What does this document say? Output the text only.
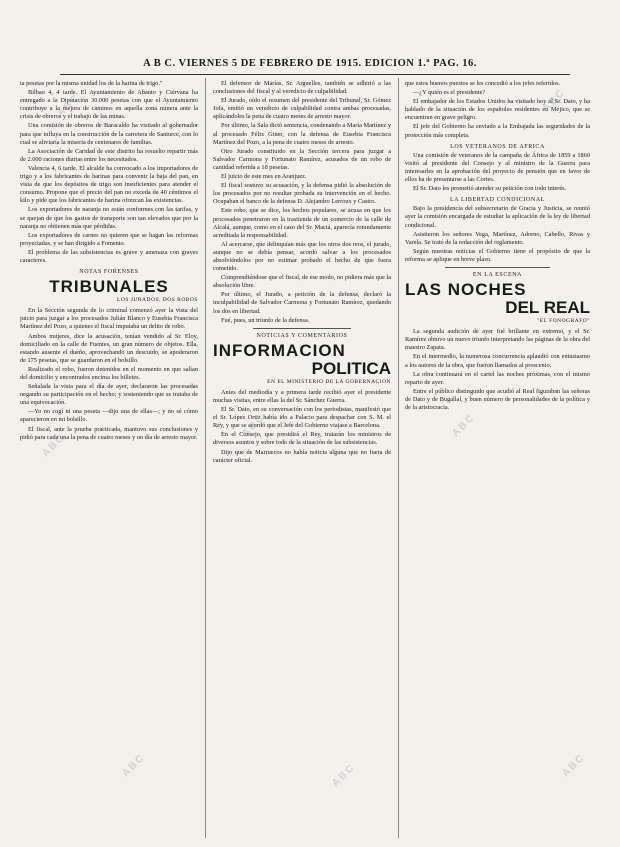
A B C. VIERNES 5 DE FEBRERO DE 1915. EDICION 1.ª PAG. 16.

ta pesetas por la misma unidad los de la harina de trigo."

Bilbao 4, 4 tarde. El Ayuntamiento de Abanto y Ciérvana ha entregado a la Diputación 30.000 pesetas con que el Ayuntamiento contribuye a la mejora de caminos en aquella zona minera ante la crisis de obreros y el trabajo de las minas.

Una comisión de obreros de Baracaldo ha visitado al gobernador para que influya en la construcción de la carretera de Santurce, con lo cual se aliviaría la miseria de centenares de familias.

La Asociación de Caridad de este distrito ha resuelto repartir más de 2.000 raciones diarias entre los necesitados.

Valencia 4, 6 tarde. El alcalde ha convocado a los importadores de trigo y a los fabricantes de harinas para convenir la baja del pan, en vista de que los depósitos de trigo son insuficientes para atender el consumo. Propone que el precio del pan no exceda de 40 céntimos el kilo y pide que los fabricantes de harina ofrezcan las existencias.

Los exportadores de naranja no están conformes con las tarifas, y se quejan de que los gastos de transporte son tan elevados que por la naranja no obtienen más que pérdidas.

Los exportadores de carnes no quieren que se hagan las reformas proyectadas, y se han dirigido a Fomento.

El problema de las subsistencias es grave y amenaza con graves caracteres.

NOTAS FORENSES
TRIBUNALES
LOS JURADOS. DOS ROBOS

En la Sección segunda de lo criminal comenzó ayer la vista del juicio para juzgar a los procesados Julián Blanco y Eusebia Francisca Martínez del Pozo, a quienes el fiscal imputaba un delito de robo.

Ambos mujeres, dice la acusación, tenían vendido al Sr. Eloy, domiciliado en la calle de Fuentes, un gran número de objetos. Ella, estando ausente el dueño, aprovechando un descuido, se apoderaron de 175 pesetas, que se guardaron en el bolsillo.

Realizado el robo, fueron detenidos en el momento en que salían del domicilio y encontrados encima los billetes.

Señalada la vista para el día de ayer, declararon las procesadas negando su participación en el hecho; y sosteniendo que se trataba de una equivocación.

—Yo no cogí ni una peseta —dijo una de ellas—; y no sé cómo aparecieron en mi bolsillo.

El fiscal, ante la prueba practicada, mantuvo sus conclusiones y pidió para cada una la pena de cuatro meses y un día de arresto mayor.

El defensor de Marías, Sr. Arguelles, también se adhirió a las conclusiones del fiscal y al veredicto de culpabilidad.

El Jurado, oído el resumen del presidente del Tribunal, Sr. Gómez Jofa, emitió un veredicto de culpabilidad contra ambas procesadas, aplicándoles la pena de cuatro meses de arresto mayor.

Por último, la Sala dictó sentencia, condenando a María Martínez y al procesado Félix Giner, con la defensa de Eusebia Francisca Martínez del Pozo, a la pena de cuatro meses de arresto.

Otro Jurado constituido en la Sección tercera para juzgar a Salvador Carmona y Fortunato Ramírez, acusados de un robo de cantidad referida a 18 pesetas.

El juicio de este mes en Aranjuez.

El fiscal sostuvo su acusación, y la defensa pidió la absolución de los procesados por no resultar probada su intervención en el hecho. Ocupaban el banco de la defensa D. Alejandro Lerroux y Castro.

Este robo, que se dice, los hechos populares, se acusa en que los procesados penetraron en la trastienda de un comercio de la calle de Alcalá, aunque, como en el caso del Sr. Maciá, aparecía rotundamente acreditada la responsabilidad.

Al acercarse, que delinquían más que los otros dos reos, el jurado, aunque no se debía pensar, acordó salvar a los procesados absolviéndolos por no estimar probado el hecho de que fuera cometido.

Comprendiéndose que el fiscal, de ese modo, no pidiera más que la absolución libre.

Por último, el Jurado, a petición de la defensa, declaró la inculpabilidad de Salvador Carmona y Fortunato Ramírez, quedando los dos en libertad.

Fué, pues, un triunfo de la defensa.

NOTICIAS Y COMENTARIOS
INFORMACION
POLITICA
EN EL MINISTERIO DE LA GOBERNACION

Antes del mediodía y a primera tarde recibió ayer el presidente muchas visitas, entre ellas la del Sr. Sánchez Guerra.

El Sr. Dato, en su conversación con los periodistas, manifestó que el Sr. López Ortiz había ido a Palacio para despachar con S. M. el Rey, y que se acordó que el Jefe del Gobierno viajase a Barcelona.

En el Consejo, que presidirá el Rey, tratarán los ministros de diversos asuntos y sobre todo de la situación de las subsistencias.

Dijo que de Marruecos no había noticia alguna que no fuera de carácter oficial.

que estos buenos puestos se les concedió a los jefes referidos.

—¿Y quién es el presidente?

El embajador de los Estados Unidos ha visitado hoy al Sr. Dato, y ha hablado de la situación de los españoles residentes en Méjico, que se encuentran en grave peligro.

El jefe del Gobierno ha enviado a la Embajada las seguridades de la protección más completa.

LOS VETERANOS DE AFRICA

Una comisión de veteranos de la campaña de África de 1859 a 1860 visitó al presidente del Consejo y al ministro de la Guerra para interesarles en la aprobación del proyecto de pensión que en favor de ellos ha de presentarse a las Cortes.

El Sr. Dato les prometió atender su petición con todo interés.

LA LIBERTAD CONDICIONAL

Bajo la presidencia del subsecretario de Gracia y Justicia, se reunió ayer la comisión encargada de estudiar la aplicación de la ley de libertad condicional.

Asistieron los señores Vega, Martínez, Adorno, Cabello, Rivas y Varela. Se trató de la redacción del reglamento.

Según nuestras noticias el Gobierno tiene el propósito de que la reforma se aplique en breve plazo.

EN LA ESCENA
LAS NOCHES
DEL REAL
"EL FONOGRAFO"

La segunda audición de ayer fué brillante en extremo, y el Sr. Ramírez obtuvo un nuevo triunfo interpretando las páginas de la obra del maestro Zapata.

En el intermedio, la numerosa concurrencia aplaudió con entusiasmo a los autores de la obra, que fueron llamados al proscenio.

La obra continuará en el cartel las noches próximas, con el mismo reparto de ayer.

Entre el público distinguido que acudió al Real figuraban las señoras de Dato y de Bugallal, y buen número de personalidades de la política y de la aristocracia.

ABC	ABC
ABC
ABC	ABC
ABC	ABC	ABC
